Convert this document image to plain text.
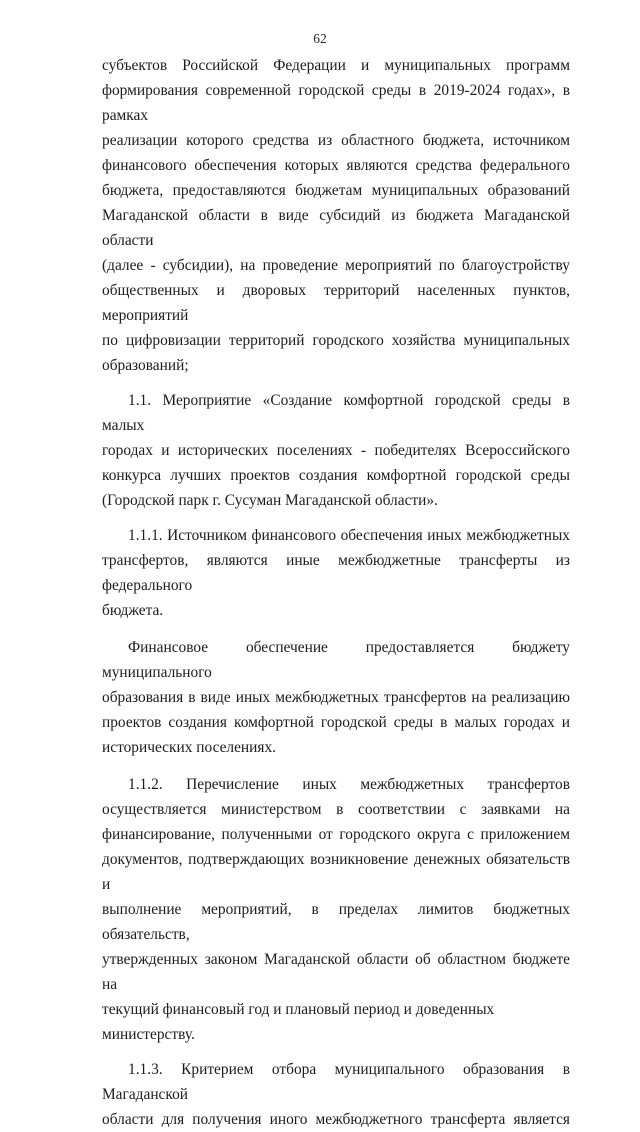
62
субъектов Российской Федерации и муниципальных программ
формирования современной городской среды в 2019-2024 годах», в рамках
реализации которого средства из областного бюджета, источником
финансового обеспечения которых являются средства федерального
бюджета, предоставляются бюджетам муниципальных образований
Магаданской области в виде субсидий из бюджета Магаданской области
(далее - субсидии), на проведение мероприятий по благоустройству
общественных и дворовых территорий населенных пунктов, мероприятий
по цифровизации территорий городского хозяйства муниципальных
образований;
1.1. Мероприятие «Создание комфортной городской среды в малых
городах и исторических поселениях - победителях Всероссийского
конкурса лучших проектов создания комфортной городской среды
(Городской парк г. Сусуман Магаданской области».
1.1.1. Источником финансового обеспечения иных межбюджетных
трансфертов, являются иные межбюджетные трансферты из федерального
бюджета.
Финансовое обеспечение предоставляется бюджету муниципального
образования в виде иных межбюджетных трансфертов на реализацию
проектов создания комфортной городской среды в малых городах и
исторических поселениях.
1.1.2. Перечисление иных межбюджетных трансфертов
осуществляется министерством в соответствии с заявками на
финансирование, полученными от городского округа с приложением
документов, подтверждающих возникновение денежных обязательств и
выполнение мероприятий, в пределах лимитов бюджетных обязательств,
утвержденных законом Магаданской области об областном бюджете на
текущий финансовый год и плановый период и доведенных министерству.
1.1.3. Критерием отбора муниципального образования в Магаданской
области для получения иного межбюджетного трансферта является
